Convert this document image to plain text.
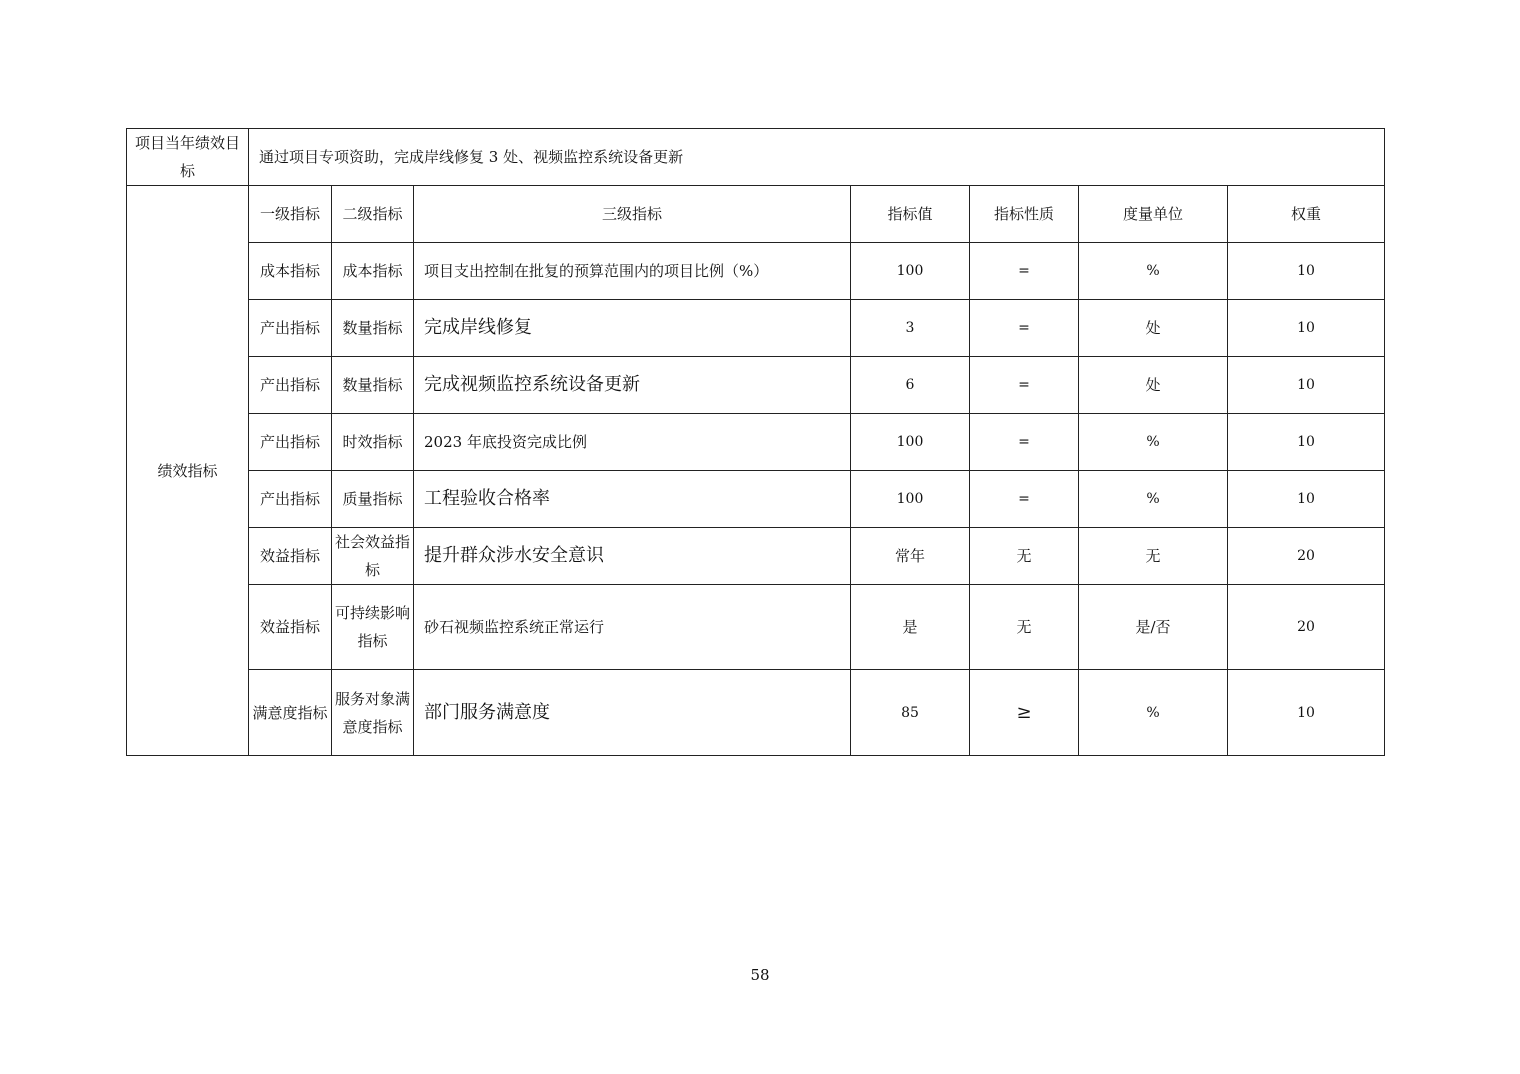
项目当年绩效目标	通过项目专项资助，完成岸线修复 3 处、视频监控系统设备更新						
绩效指标	一级指标	二级指标	三级指标	指标值	指标性质	度量单位	权重
	成本指标	成本指标	项目支出控制在批复的预算范围内的项目比例（%）	100	=	%	10
	产出指标	数量指标	完成岸线修复	3	=	处	10
	产出指标	数量指标	完成视频监控系统设备更新	6	=	处	10
	产出指标	时效指标	2023 年底投资完成比例	100	=	%	10
	产出指标	质量指标	工程验收合格率	100	=	%	10
	效益指标	社会效益指标	提升群众涉水安全意识	常年	无	无	20
	效益指标	可持续影响指标	砂石视频监控系统正常运行	是	无	是/否	20
	满意度指标	服务对象满意度指标	部门服务满意度	85	≥	%	10
58
